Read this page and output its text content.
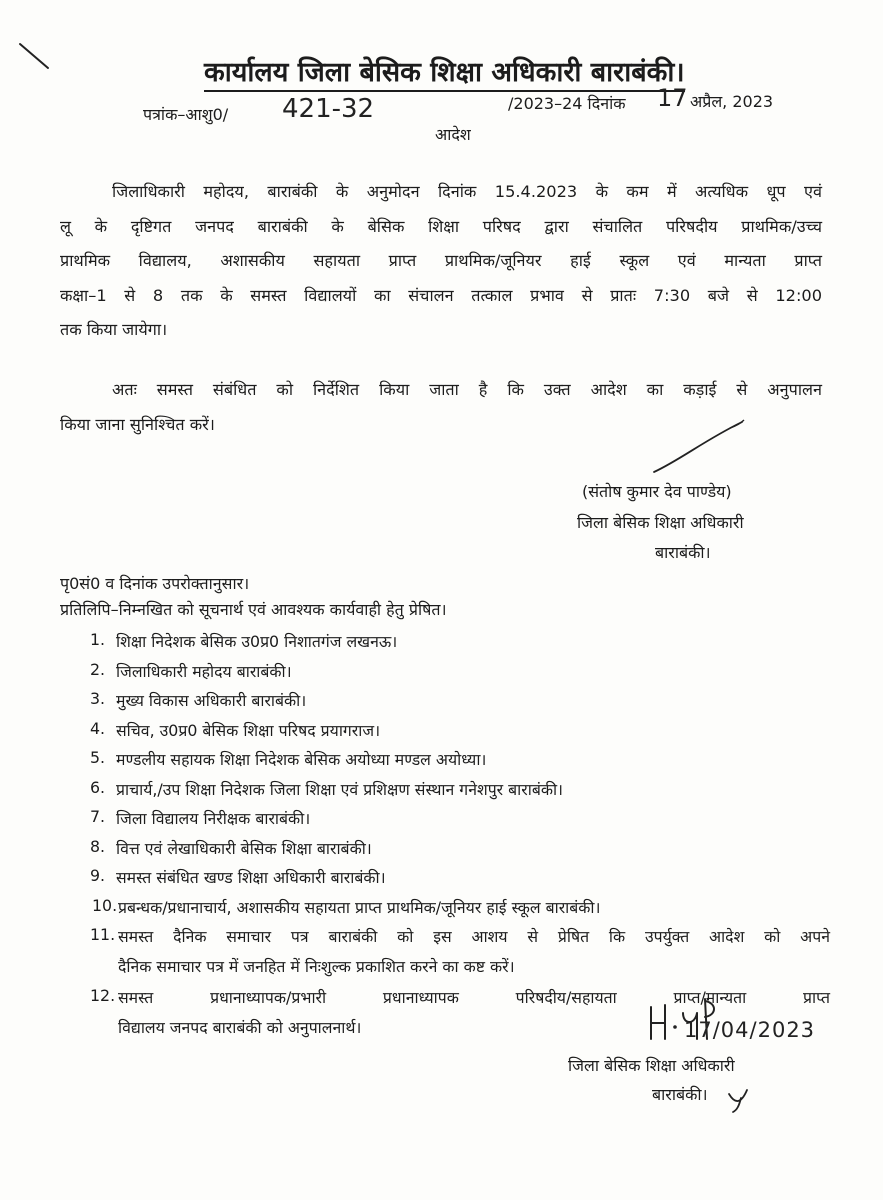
कार्यालय जिला बेसिक शिक्षा अधिकारी बाराबंकी।
पत्रांक–आशु0/ 421-32	/2023–24 दिनांक 17 अप्रैल, 2023
आदेश
जिलाधिकारी महोदय, बाराबंकी के अनुमोदन दिनांक 15.4.2023 के कम में अत्यधिक धूप एवं
लू के दृष्टिगत जनपद बाराबंकी के बेसिक शिक्षा परिषद द्वारा संचालित परिषदीय प्राथमिक/उच्च
प्राथमिक विद्यालय, अशासकीय सहायता प्राप्त प्राथमिक/जूनियर हाई स्कूल एवं मान्यता प्राप्त
कक्षा–1 से 8 तक के समस्त विद्यालयों का संचालन तत्काल प्रभाव से प्रातः 7:30 बजे से 12:00
तक किया जायेगा।
अतः समस्त संबंधित को निर्देशित किया जाता है कि उक्त आदेश का कड़ाई से अनुपालन
किया जाना सुनिश्चित करें।
(संतोष कुमार देव पाण्डेय)
जिला बेसिक शिक्षा अधिकारी
बाराबंकी।
पृ0सं0 व दिनांक उपरोक्तानुसार।
प्रतिलिपि–निम्नखित को सूचनार्थ एवं आवश्यक कार्यवाही हेतु प्रेषित।
1. शिक्षा निदेशक बेसिक उ0प्र0 निशातगंज लखनऊ।
2. जिलाधिकारी महोदय बाराबंकी।
3. मुख्य विकास अधिकारी बाराबंकी।
4. सचिव, उ0प्र0 बेसिक शिक्षा परिषद प्रयागराज।
5. मण्डलीय सहायक शिक्षा निदेशक बेसिक अयोध्या मण्डल अयोध्या।
6. प्राचार्य,/उप शिक्षा निदेशक जिला शिक्षा एवं प्रशिक्षण संस्थान गनेशपुर बाराबंकी।
7. जिला विद्यालय निरीक्षक बाराबंकी।
8. वित्त एवं लेखाधिकारी बेसिक शिक्षा बाराबंकी।
9. समस्त संबंधित खण्ड शिक्षा अधिकारी बाराबंकी।
10. प्रबन्धक/प्रधानाचार्य, अशासकीय सहायता प्राप्त प्राथमिक/जूनियर हाई स्कूल बाराबंकी।
11. समस्त दैनिक समाचार पत्र बाराबंकी को इस आशय से प्रेषित कि उपर्युक्त आदेश को अपने
दैनिक समाचार पत्र में जनहित में निःशुल्क प्रकाशित करने का कष्ट करें।
12. समस्त प्रधानाध्यापक/प्रभारी प्रधानाध्यापक परिषदीय/सहायता प्राप्त/मान्यता प्राप्त
विद्यालय जनपद बाराबंकी को अनुपालनार्थ।	17/04/2023
जिला बेसिक शिक्षा अधिकारी
बाराबंकी।
